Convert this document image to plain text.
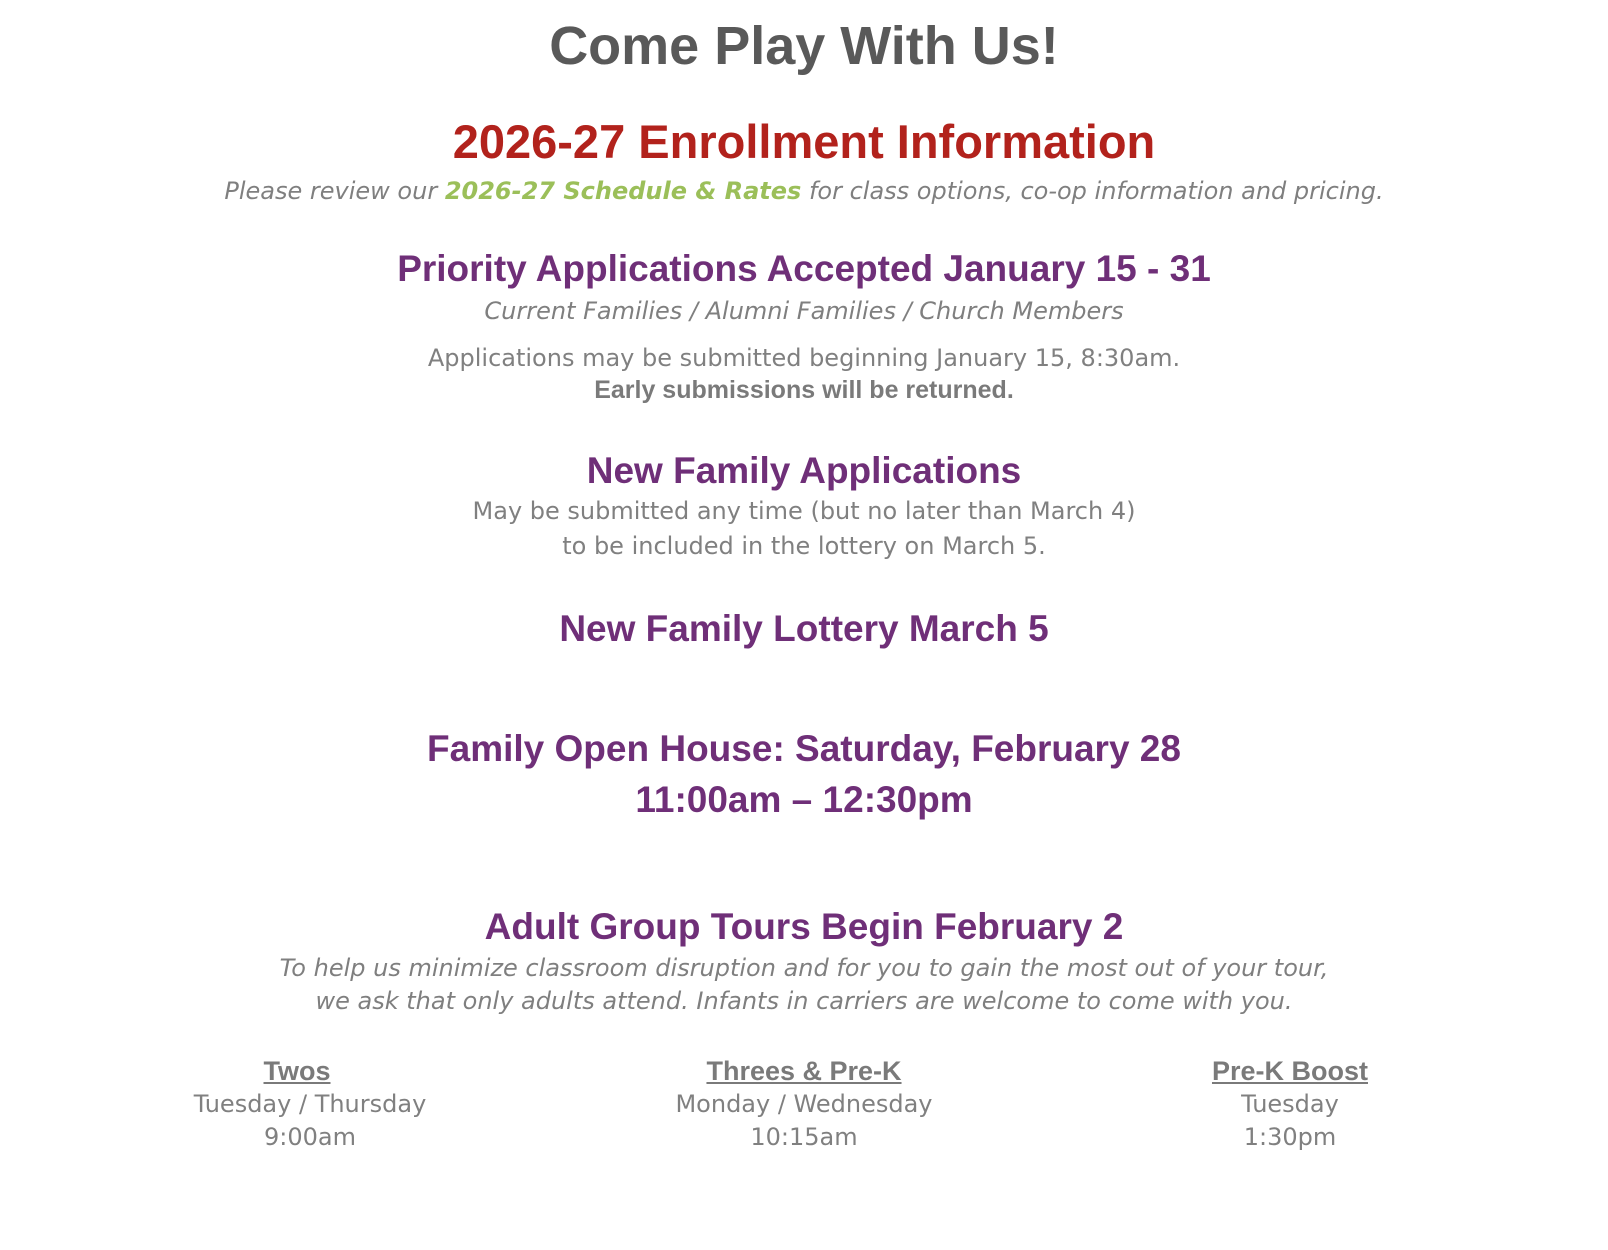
Come Play With Us!
2026-27 Enrollment Information
Please review our 2026-27 Schedule & Rates for class options, co-op information and pricing.
Priority Applications Accepted January 15 - 31
Current Families / Alumni Families / Church Members
Applications may be submitted beginning January 15, 8:30am.
Early submissions will be returned.
New Family Applications
May be submitted any time (but no later than March 4)
to be included in the lottery on March 5.
New Family Lottery March 5
Family Open House: Saturday, February 28
11:00am – 12:30pm
Adult Group Tours Begin February 2
To help us minimize classroom disruption and for you to gain the most out of your tour,
we ask that only adults attend. Infants in carriers are welcome to come with you.
Twos
Tuesday / Thursday
9:00am
Threes & Pre-K
Monday / Wednesday
10:15am
Pre-K Boost
Tuesday
1:30pm
